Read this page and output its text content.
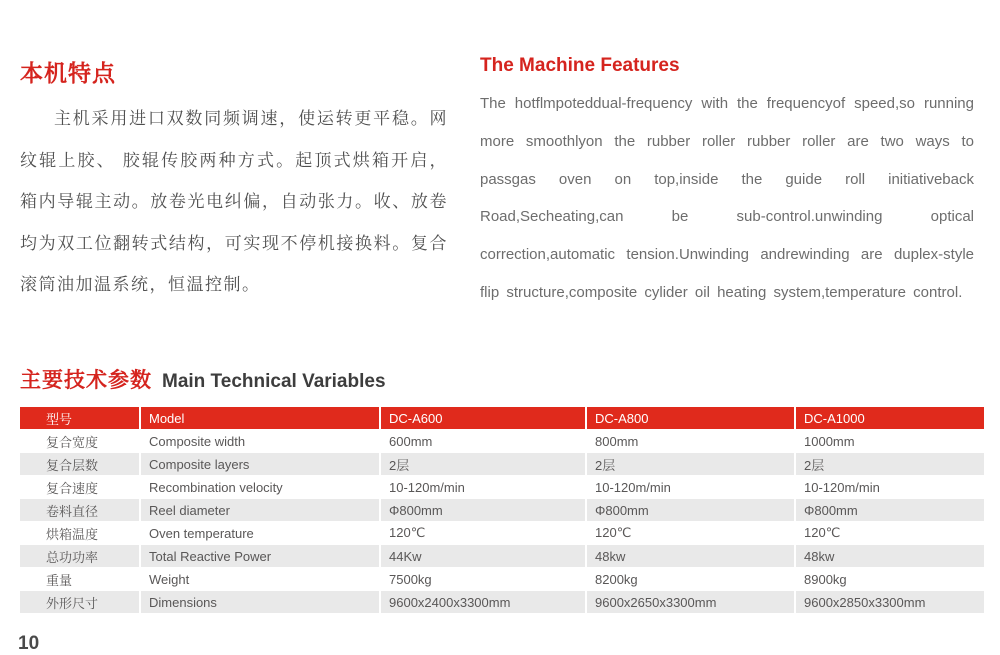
本机特点

主机采用进口双数同频调速，使运转更平稳。网纹辊上胶、 胶辊传胶两种方式。起顶式烘箱开启，箱内导辊主动。放卷光电纠偏，自动张力。收、放卷均为双工位翻转式结构，可实现不停机接换料。复合滚筒油加温系统，恒温控制。

The Machine Features

The hotflmpoteddual-frequency with the frequencyof speed,so running more smoothlyon the rubber roller rubber roller are two ways to passgas oven on top,inside the guide roll initiativeback Road,Secheating,can be sub-control.unwinding optical correction,automatic tension.Unwinding andrewinding are duplex-style flip structure,composite cylider oil heating system,temperature control.

主要技术参数 Main Technical Variables
型号	Model	DC-A600	DC-A800	DC-A1000
复合宽度	Composite width	600mm	800mm	1000mm
复合层数	Composite layers	2层	2层	2层
复合速度	Recombination velocity	10-120m/min	10-120m/min	10-120m/min
卷料直径	Reel diameter	Φ800mm	Φ800mm	Φ800mm
烘箱温度	Oven temperature	120℃	120℃	120℃
总功功率	Total Reactive Power	44Kw	48kw	48kw
重量	Weight	7500kg	8200kg	8900kg
外形尺寸	Dimensions	9600x2400x3300mm	9600x2650x3300mm	9600x2850x3300mm
10
